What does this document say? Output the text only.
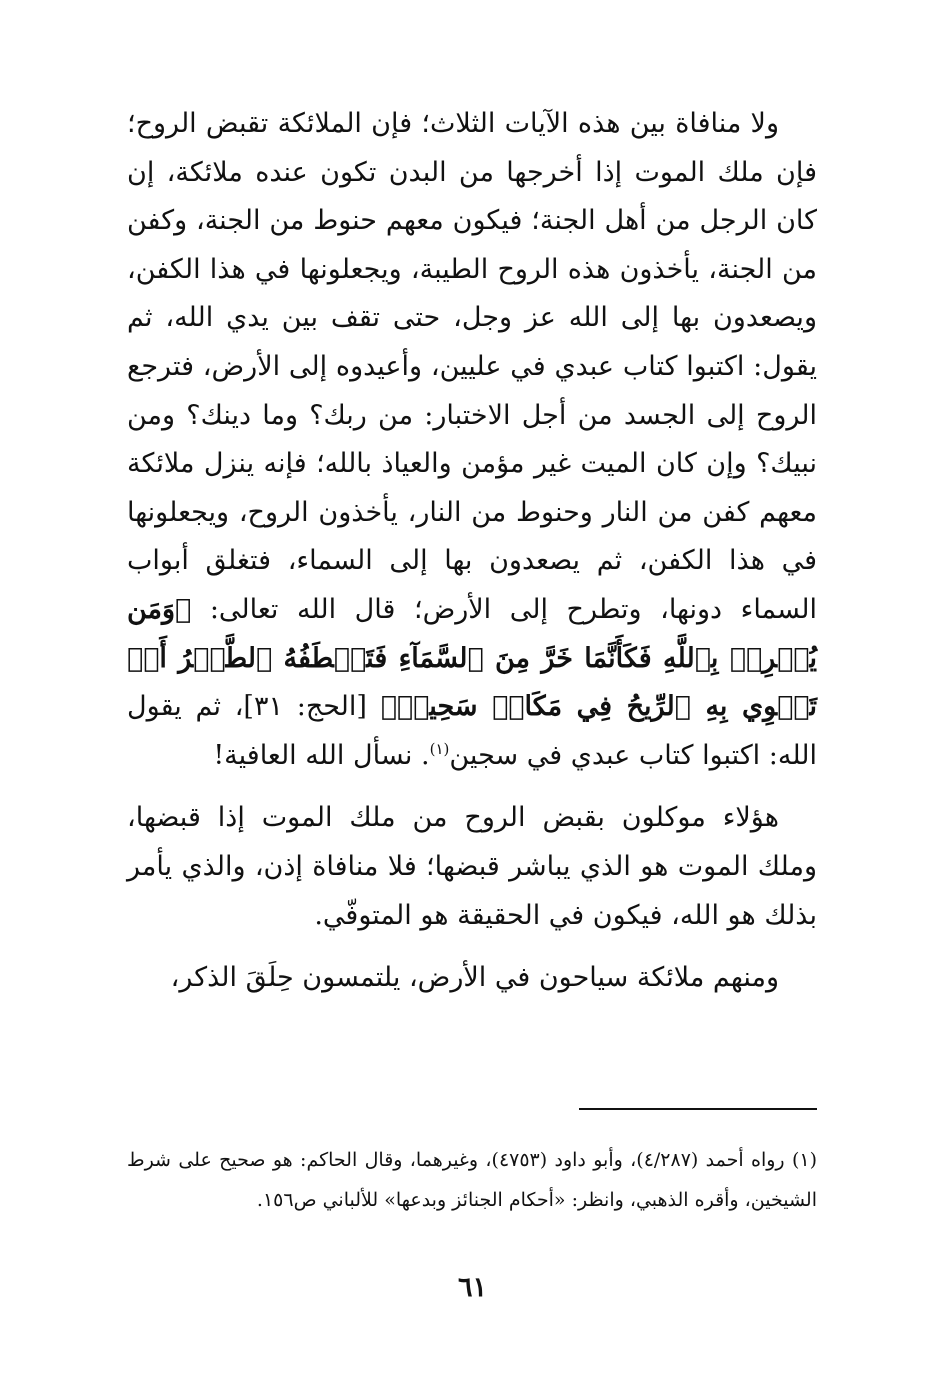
ولا منافاة بين هذه الآيات الثلاث؛ فإن الملائكة تقبض الروح؛ فإن ملك الموت إذا أخرجها من البدن تكون عنده ملائكة، إن كان الرجل من أهل الجنة؛ فيكون معهم حنوط من الجنة، وكفن من الجنة، يأخذون هذه الروح الطيبة، ويجعلونها في هذا الكفن، ويصعدون بها إلى الله عز وجل، حتى تقف بين يدي الله، ثم يقول: اكتبوا كتاب عبدي في عليين، وأعيدوه إلى الأرض، فترجع الروح إلى الجسد من أجل الاختبار: من ربك؟ وما دينك؟ ومن نبيك؟ وإن كان الميت غير مؤمن والعياذ بالله؛ فإنه ينزل ملائكة معهم كفن من النار وحنوط من النار، يأخذون الروح، ويجعلونها في هذا الكفن، ثم يصعدون بها إلى السماء، فتغلق أبواب السماء دونها، وتطرح إلى الأرض؛ قال الله تعالى: ﴿وَمَن يُشۡرِكۡ بِٱللَّهِ فَكَأَنَّمَا خَرَّ مِنَ ٱلسَّمَآءِ فَتَخۡطَفُهُ ٱلطَّيۡرُ أَوۡ تَهۡوِي بِهِ ٱلرِّيحُ فِي مَكَانٖ سَحِيقٖ﴾ [الحج: ٣١]، ثم يقول الله: اكتبوا كتاب عبدي في سجين$^{(١)}$. نسأل الله العافية!

هؤلاء موكلون بقبض الروح من ملك الموت إذا قبضها، وملك الموت هو الذي يباشر قبضها؛ فلا منافاة إذن، والذي يأمر بذلك هو الله، فيكون في الحقيقة هو المتوفّي.

ومنهم ملائكة سياحون في الأرض، يلتمسون حِلَقَ الذكر،

(١) رواه أحمد (٤/٢٨٧)، وأبو داود (٤٧٥٣)، وغيرهما، وقال الحاكم: هو صحيح على شرط الشيخين، وأقره الذهبي، وانظر: «أحكام الجنائز وبدعها» للألباني ص١٥٦.

٦١
